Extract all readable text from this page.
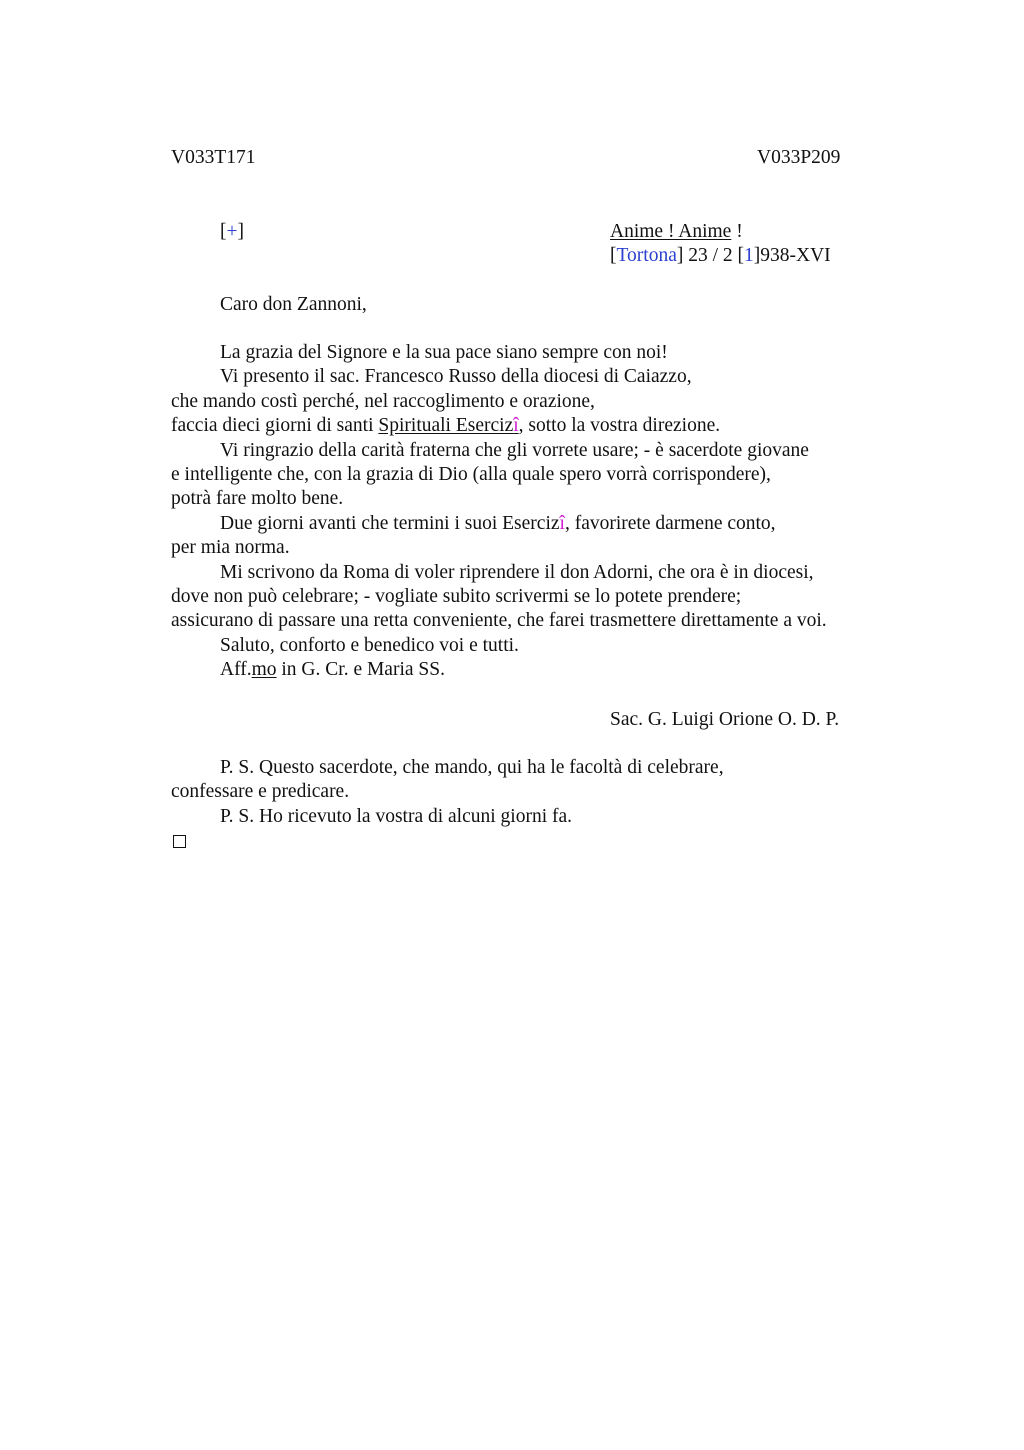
V033T171	V033P209
[+]	Anime ! Anime !
[Tortona] 23 / 2 [1]938-XVI
Caro don Zannoni,
La grazia del Signore e la sua pace siano sempre con noi!
Vi presento il sac. Francesco Russo della diocesi di Caiazzo,
che mando costì perché, nel raccoglimento e orazione,
faccia dieci giorni di santi Spirituali Esercizî, sotto la vostra direzione.
Vi ringrazio della carità fraterna che gli vorrete usare; - è sacerdote giovane
e intelligente che, con la grazia di Dio (alla quale spero vorrà corrispondere),
potrà fare molto bene.
Due giorni avanti che termini i suoi Esercizî, favorirete darmene conto,
per mia norma.
Mi scrivono da Roma di voler riprendere il don Adorni, che ora è in diocesi,
dove non può celebrare; - vogliate subito scrivermi se lo potete prendere;
assicurano di passare una retta conveniente, che farei trasmettere direttamente a voi.
Saluto, conforto e benedico voi e tutti.
Aff.mo in G. Cr. e Maria SS.
Sac. G. Luigi Orione O. D. P.
P. S. Questo sacerdote, che mando, qui ha le facoltà di celebrare,
confessare e predicare.
P. S. Ho ricevuto la vostra di alcuni giorni fa.
